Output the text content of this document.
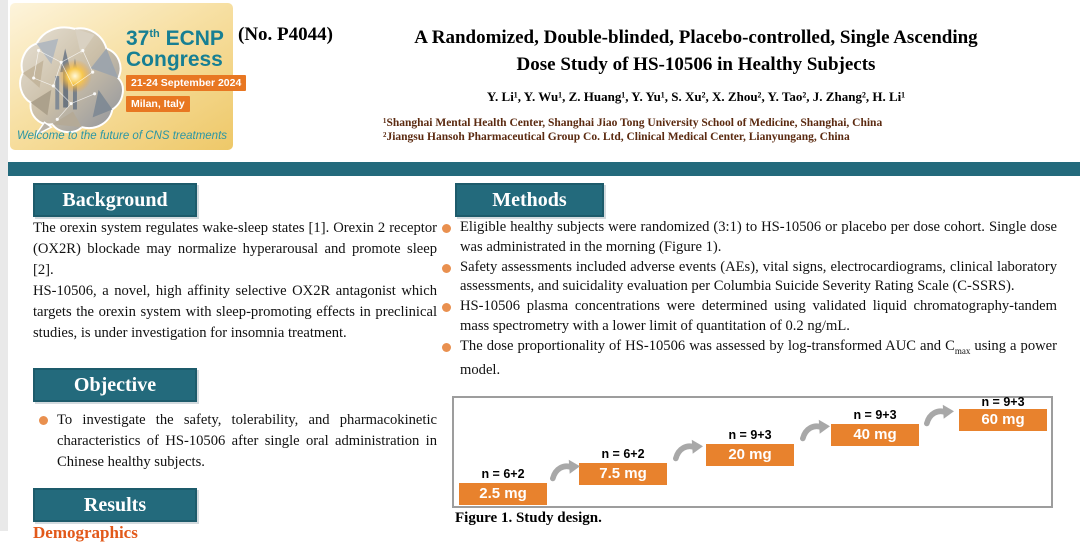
37th ECNP
Congress
21-24 September 2024
Milan, Italy
Welcome to the future of CNS treatments
(No. P4044)	A Randomized, Double-blinded, Placebo-controlled, Single Ascending
Dose Study of HS-10506 in Healthy Subjects
Y. Li¹, Y. Wu¹, Z. Huang¹, Y. Yu¹, S. Xu², X. Zhou², Y. Tao², J. Zhang², H. Li¹
¹Shanghai Mental Health Center, Shanghai Jiao Tong University School of Medicine, Shanghai, China
²Jiangsu Hansoh Pharmaceutical Group Co. Ltd, Clinical Medical Center, Lianyungang, China
Background

The orexin system regulates wake-sleep states [1]. Orexin 2 receptor (OX2R) blockade may normalize hyperarousal and promote sleep [2].

HS-10506, a novel, high affinity selective OX2R antagonist which targets the orexin system with sleep-promoting effects in preclinical studies, is under investigation for insomnia treatment.

Objective
To investigate the safety, tolerability, and pharmacokinetic characteristics of HS-10506 after single oral administration in Chinese healthy subjects.
Results
Demographics
Methods
Eligible healthy subjects were randomized (3:1) to HS-10506 or placebo per dose cohort. Single dose was administrated in the morning (Figure 1).
Safety assessments included adverse events (AEs), vital signs, electrocardiograms, clinical laboratory assessments, and suicidality evaluation per Columbia Suicide Severity Rating Scale (C-SSRS).
HS-10506 plasma concentrations were determined using validated liquid chromatography-tandem mass spectrometry with a lower limit of quantitation of 0.2 ng/mL.
The dose proportionality of HS-10506 was assessed by log-transformed AUC and $C_{max}$ using a power model.
n = 6+2
2.5 mg
n = 6+2
7.5 mg
n = 9+3
20 mg
n = 9+3
40 mg
n = 9+3
60 mg
Figure 1. Study design.
